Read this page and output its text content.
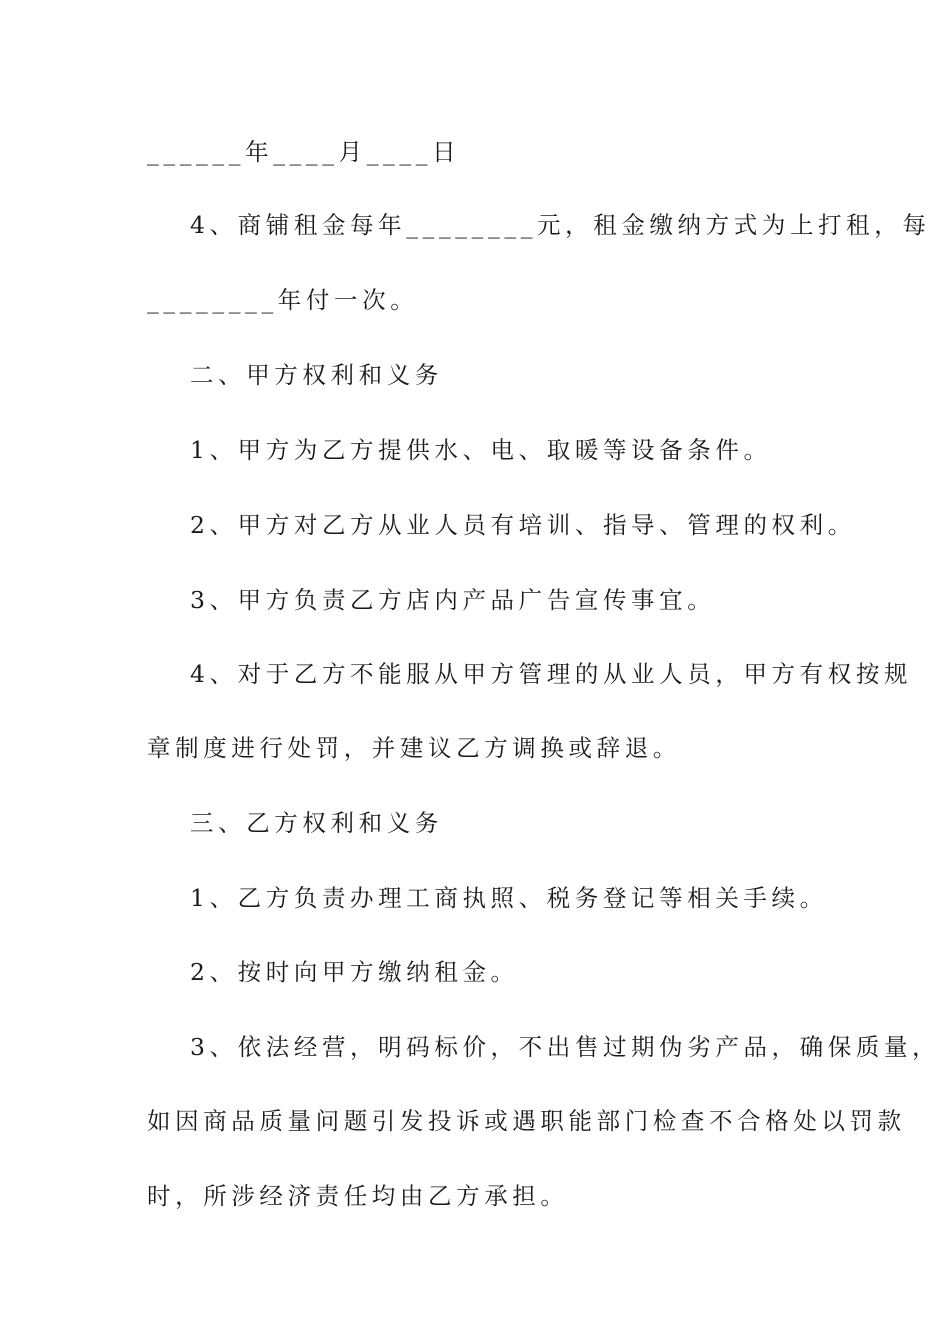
______年____月____日

4、商铺租金每年________元，租金缴纳方式为上打租，每

________年付一次。

二、甲方权利和义务

1、甲方为乙方提供水、电、取暖等设备条件。

2、甲方对乙方从业人员有培训、指导、管理的权利。

3、甲方负责乙方店内产品广告宣传事宜。

4、对于乙方不能服从甲方管理的从业人员，甲方有权按规

章制度进行处罚，并建议乙方调换或辞退。

三、乙方权利和义务

1、乙方负责办理工商执照、税务登记等相关手续。

2、按时向甲方缴纳租金。

3、依法经营，明码标价，不出售过期伪劣产品，确保质量，

如因商品质量问题引发投诉或遇职能部门检查不合格处以罚款

时，所涉经济责任均由乙方承担。
